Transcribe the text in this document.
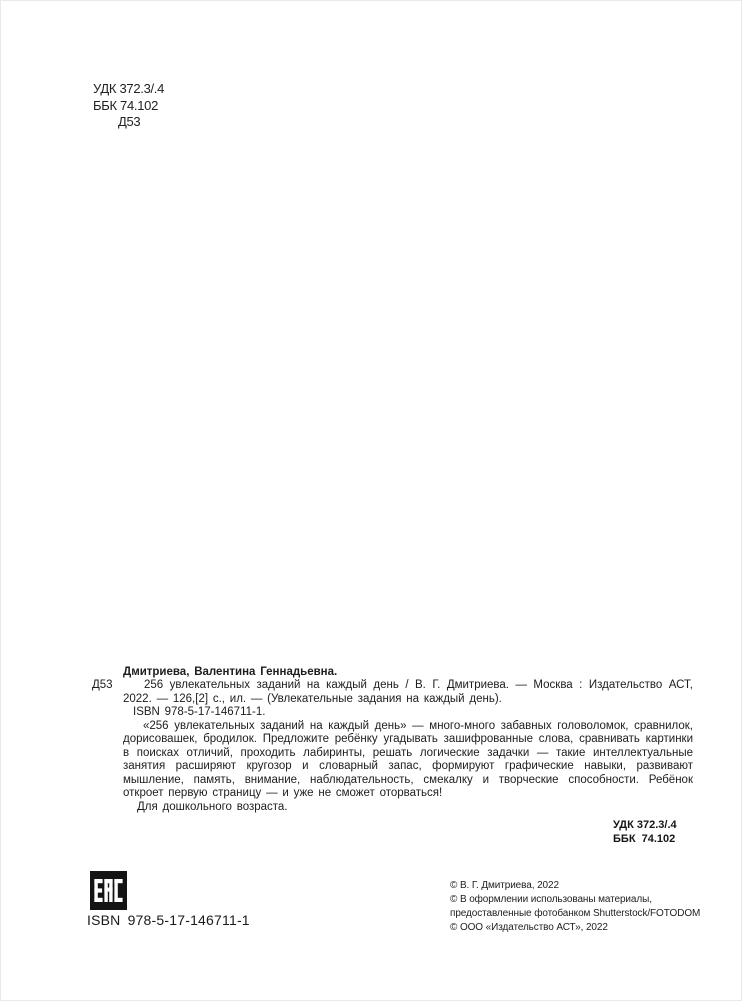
УДК 372.3/.4
ББК 74.102
Д53
Д53

Дмитриева, Валентина Геннадьевна.

256 увлекательных заданий на каждый день / В. Г. Дмитриева. — Москва : Издательство АСТ, 2022. — 126,[2] с., ил. — (Увлекательные задания на каждый день).

ISBN 978-5-17-146711-1.

«256 увлекательных заданий на каждый день» — много-много забавных головоломок, сравнилок, дорисовашек, бродилок. Предложите ребёнку угадывать зашифрованные слова, сравнивать картинки в поисках отличий, проходить лабиринты, решать логические задачки — такие интеллектуальные занятия расширяют кругозор и словарный запас, формируют графические навыки, развивают мышление, память, внимание, наблюдательность, смекалку и творческие способности. Ребёнок откроет первую страницу — и уже не сможет оторваться!

Для дошкольного возраста.

УДК 372.3/.4
ББК 74.102
ISBN 978-5-17-146711-1
© В. Г. Дмитриева, 2022
© В оформлении использованы материалы,
предоставленные фотобанком Shutterstock/FOTODOM
© ООО «Издательство АСТ», 2022
